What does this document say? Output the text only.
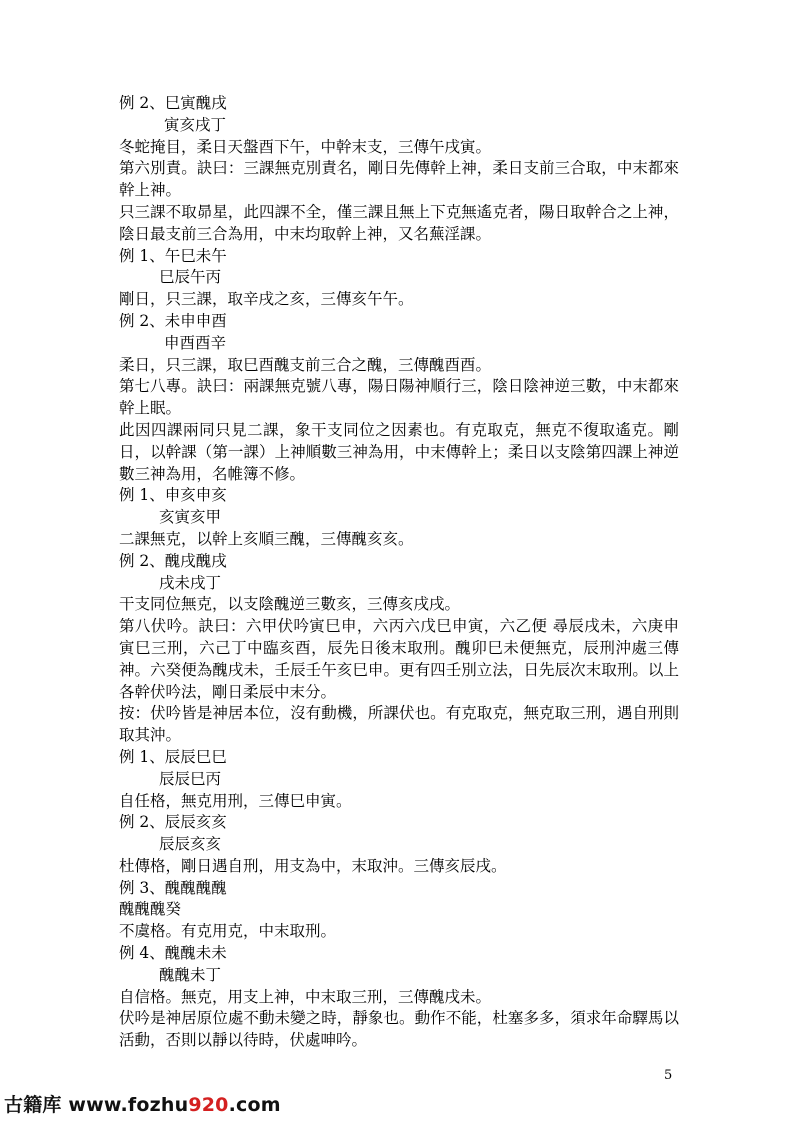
例 2、巳寅醜戌
寅亥戌丁
冬蛇掩目，柔日天盤酉下午，中幹末支，三傳午戌寅。
第六別責。訣曰：三課無克別責名，剛日先傳幹上神，柔日支前三合取，中末都來幹上神。
只三課不取昴星，此四課不全，僅三課且無上下克無遙克者，陽日取幹合之上神，陰日最支前三合為用，中末均取幹上神，又名蕪淫課。
例 1、午巳未午
巳辰午丙
剛日，只三課，取辛戌之亥，三傳亥午午。
例 2、未申申酉
申酉酉辛
柔日，只三課，取巳酉醜支前三合之醜，三傳醜酉酉。
第七八專。訣曰：兩課無克號八專，陽日陽神順行三，陰日陰神逆三數，中末都來幹上眠。
此因四課兩同只見二課，象干支同位之因素也。有克取克，無克不復取遙克。剛日，以幹課（第一課）上神順數三神為用，中末傳幹上；柔日以支陰第四課上神逆數三神為用，名帷簿不修。
例 1、申亥申亥
亥寅亥甲
二課無克，以幹上亥順三醜，三傳醜亥亥。
例 2、醜戌醜戌
戌未戌丁
干支同位無克，以支陰醜逆三數亥，三傳亥戌戌。
第八伏吟。訣曰：六甲伏吟寅巳申，六丙六戊巳申寅，六乙便 尋辰戌未，六庚申寅巳三刑，六己丁中臨亥酉，辰先日後末取刑。醜卯巳未便無克，辰刑沖處三傳神。六癸便為醜戌未，壬辰壬午亥巳申。更有四壬別立法，日先辰次末取刑。以上各幹伏吟法，剛日柔辰中末分。
按：伏吟皆是神居本位，沒有動機，所課伏也。有克取克，無克取三刑，遇自刑則取其沖。
例 1、辰辰巳巳
辰辰巳丙
自任格，無克用刑，三傳巳申寅。
例 2、辰辰亥亥
辰辰亥亥
杜傳格，剛日遇自刑，用支為中，末取沖。三傳亥辰戌。
例 3、醜醜醜醜
醜醜醜癸
不虞格。有克用克，中末取刑。
例 4、醜醜未未
醜醜未丁
自信格。無克，用支上神，中末取三刑，三傳醜戌未。
伏吟是神居原位處不動未變之時，靜象也。動作不能，杜塞多多，須求年命驛馬以活動，否則以靜以待時，伏處呻吟。
5
古籍库 www.fozhu920.com
